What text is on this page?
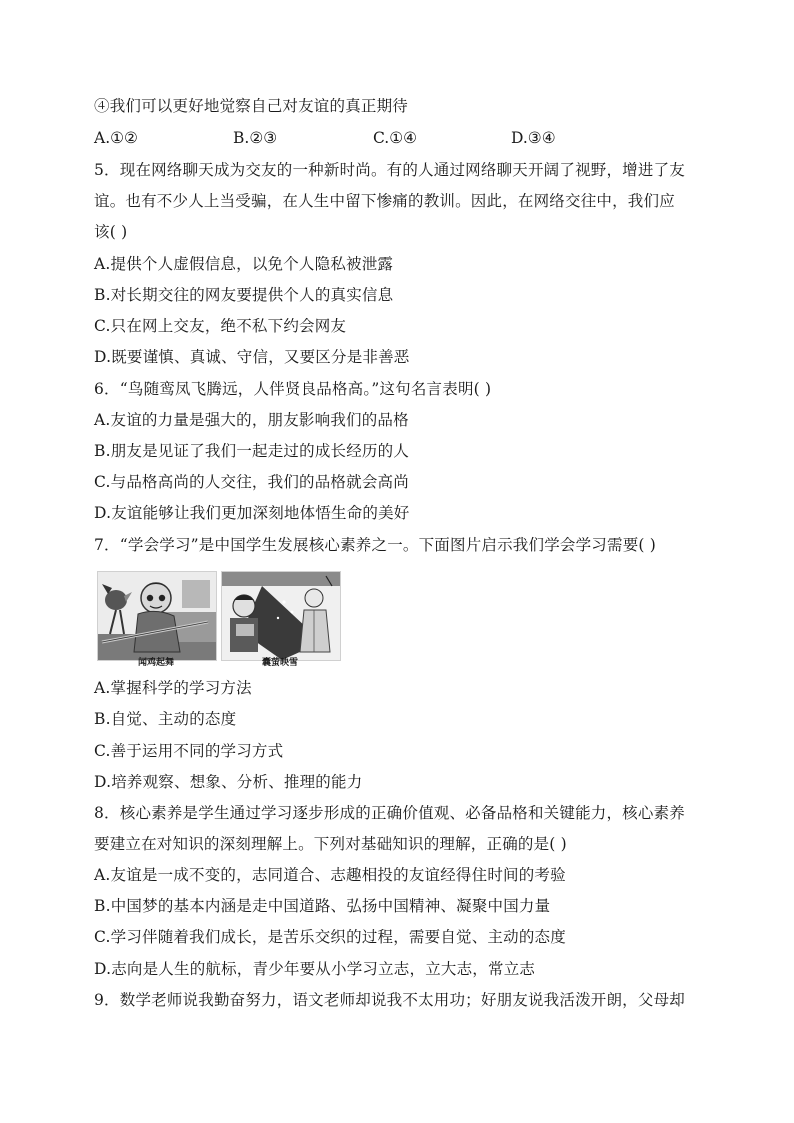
④我们可以更好地觉察自己对友谊的真正期待
A.①②	B.②③	C.①④	D.③④
5．现在网络聊天成为交友的一种新时尚。有的人通过网络聊天开阔了视野，增进了友
谊。也有不少人上当受骗，在人生中留下惨痛的教训。因此，在网络交往中，我们应
该( )
A.提供个人虚假信息，以免个人隐私被泄露
B.对长期交往的网友要提供个人的真实信息
C.只在网上交友，绝不私下约会网友
D.既要谨慎、真诚、守信，又要区分是非善恶
6．“鸟随鸾凤飞腾远，人伴贤良品格高。”这句名言表明( )
A.友谊的力量是强大的，朋友影响我们的品格
B.朋友是见证了我们一起走过的成长经历的人
C.与品格高尚的人交往，我们的品格就会高尚
D.友谊能够让我们更加深刻地体悟生命的美好
7．“学会学习”是中国学生发展核心素养之一。下面图片启示我们学会学习需要( )
闻鸡起舞	囊萤映雪
A.掌握科学的学习方法
B.自觉、主动的态度
C.善于运用不同的学习方式
D.培养观察、想象、分析、推理的能力
8．核心素养是学生通过学习逐步形成的正确价值观、必备品格和关键能力，核心素养
要建立在对知识的深刻理解上。下列对基础知识的理解，正确的是( )
A.友谊是一成不变的，志同道合、志趣相投的友谊经得住时间的考验
B.中国梦的基本内涵是走中国道路、弘扬中国精神、凝聚中国力量
C.学习伴随着我们成长，是苦乐交织的过程，需要自觉、主动的态度
D.志向是人生的航标，青少年要从小学习立志，立大志，常立志
9．数学老师说我勤奋努力，语文老师却说我不太用功；好朋友说我活泼开朗，父母却
